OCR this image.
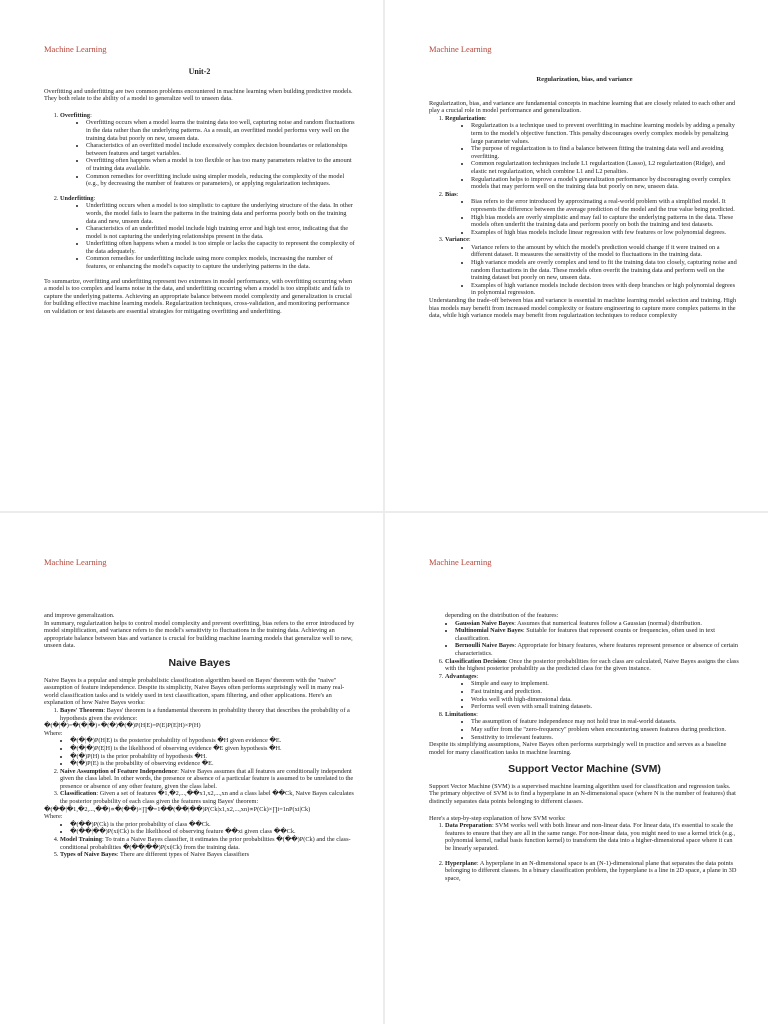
Machine Learning
Unit-2

Overfitting and underfitting are two common problems encountered in machine learning when building predictive models. They both relate to the ability of a model to generalize well to unseen data.

1. Overfitting:
• Overfitting occurs when a model learns the training data too well, capturing noise and random fluctuations in the data rather than the underlying patterns. As a result, an overfitted model performs very well on the training data but poorly on new, unseen data.
• Characteristics of an overfitted model include excessively complex decision boundaries or relationships between features and target variables.
• Overfitting often happens when a model is too flexible or has too many parameters relative to the amount of training data available.
• Common remedies for overfitting include using simpler models, reducing the complexity of the model (e.g., by decreasing the number of features or parameters), or applying regularization techniques.
2. Underfitting:
• Underfitting occurs when a model is too simplistic to capture the underlying structure of the data. In other words, the model fails to learn the patterns in the training data and performs poorly both on the training data and new, unseen data.
• Characteristics of an underfitted model include high training error and high test error, indicating that the model is not capturing the underlying relationships present in the data.
• Underfitting often happens when a model is too simple or lacks the capacity to represent the complexity of the data adequately.
• Common remedies for underfitting include using more complex models, increasing the number of features, or enhancing the model's capacity to capture the underlying patterns in the data.

To summarize, overfitting and underfitting represent two extremes in model performance, with overfitting occurring when a model is too complex and learns noise in the data, and underfitting occurring when a model is too simplistic and fails to capture the underlying patterns. Achieving an appropriate balance between model complexity and generalization is crucial for building effective machine learning models. Regularization techniques, cross-validation, and monitoring performance on validation or test datasets are essential strategies for mitigating overfitting and underfitting.

Machine Learning
Regularization, bias, and variance

Regularization, bias, and variance are fundamental concepts in machine learning that are closely related to each other and play a crucial role in model performance and generalization.

1. Regularization:
• Regularization is a technique used to prevent overfitting in machine learning models by adding a penalty term to the model's objective function. This penalty discourages overly complex models by penalizing large parameter values.
• The purpose of regularization is to find a balance between fitting the training data well and avoiding overfitting.
• Common regularization techniques include L1 regularization (Lasso), L2 regularization (Ridge), and elastic net regularization, which combine L1 and L2 penalties.
• Regularization helps to improve a model's generalization performance by discouraging overly complex models that may perform well on the training data but poorly on new, unseen data.
2. Bias:
• Bias refers to the error introduced by approximating a real-world problem with a simplified model. It represents the difference between the average prediction of the model and the true value being predicted.
• High bias models are overly simplistic and may fail to capture the underlying patterns in the data. These models often underfit the training data and perform poorly on both the training and test datasets.
• Examples of high bias models include linear regression with few features or low polynomial degrees.
3. Variance:
• Variance refers to the amount by which the model's prediction would change if it were trained on a different dataset. It measures the sensitivity of the model to fluctuations in the training data.
• High variance models are overly complex and tend to fit the training data too closely, capturing noise and random fluctuations in the data. These models often overfit the training data and perform well on the training dataset but poorly on new, unseen data.
• Examples of high variance models include decision trees with deep branches or high polynomial degrees in polynomial regression.

Understanding the trade-off between bias and variance is essential in machine learning model selection and training. High bias models may benefit from increased model complexity or feature engineering to capture more complex patterns in the data, while high variance models may benefit from regularization techniques to reduce complexity

Machine Learning

and improve generalization.

In summary, regularization helps to control model complexity and prevent overfitting, bias refers to the error introduced by model simplification, and variance refers to the model's sensitivity to fluctuations in the training data. Achieving an appropriate balance between bias and variance is crucial for building machine learning models that generalize well to new, unseen data.

Naive Bayes

Naive Bayes is a popular and simple probabilistic classification algorithm based on Bayes' theorem with the "naive" assumption of feature independence. Despite its simplicity, Naive Bayes often performs surprisingly well in many real-world classification tasks and is widely used in text classification, spam filtering, and other applications. Here's an explanation of how Naive Bayes works:

1. Bayes' Theorem: Bayes' theorem is a fundamental theorem in probability theory that describes the probability of a hypothesis given the evidence:

�(�|�)=�(�|�)×�(�)�(�)P(H|E)=P(E)P(E|H)×P(H)

Where:

• �(�|�)P(H|E) is the posterior probability of hypothesis �H given evidence �E.
• �(�|�)P(E|H) is the likelihood of observing evidence �E given hypothesis �H.
• �(�)P(H) is the prior probability of hypothesis �H.
• �(�)P(E) is the probability of observing evidence �E.
2. Naive Assumption of Feature Independence: Naive Bayes assumes that all features are conditionally independent given the class label. In other words, the presence or absence of a particular feature is assumed to be unrelated to the presence or absence of any other feature, given the class label.
3. Classification: Given a set of features �1,�2,...,��x1,x2,...,xn and a class label ��Ck, Naive Bayes calculates the posterior probability of each class given the features using Bayes' theorem:

�(��|�1,�2,...,��)∝�(��)×∏�=1��(��|��)P(Ck|x1,x2,...,xn)∝P(Ck)×∏i=1nP(xi|Ck)

Where:

• �(��)P(Ck) is the prior probability of class ��Ck.
• �(��|��)P(xi|Ck) is the likelihood of observing feature ��xi given class ��Ck.
4. Model Training: To train a Naive Bayes classifier, it estimates the prior probabilities �(��)P(Ck) and the class-conditional probabilities �(��|��)P(xi|Ck) from the training data.
5. Types of Naive Bayes: There are different types of Naive Bayes classifiers
Machine Learning

depending on the distribution of the features:

• Gaussian Naive Bayes: Assumes that numerical features follow a Gaussian (normal) distribution.
• Multinomial Naive Bayes: Suitable for features that represent counts or frequencies, often used in text classification.
• Bernoulli Naive Bayes: Appropriate for binary features, where features represent presence or absence of certain characteristics.
6. Classification Decision: Once the posterior probabilities for each class are calculated, Naive Bayes assigns the class with the highest posterior probability as the predicted class for the given instance.
7. Advantages:
• Simple and easy to implement.
• Fast training and prediction.
• Works well with high-dimensional data.
• Performs well even with small training datasets.
8. Limitations:
• The assumption of feature independence may not hold true in real-world datasets.
• May suffer from the "zero-frequency" problem when encountering unseen features during prediction.
• Sensitivity to irrelevant features.

Despite its simplifying assumptions, Naive Bayes often performs surprisingly well in practice and serves as a baseline model for many classification tasks in machine learning.

Support Vector Machine (SVM)

Support Vector Machine (SVM) is a supervised machine learning algorithm used for classification and regression tasks. The primary objective of SVM is to find a hyperplane in an N-dimensional space (where N is the number of features) that distinctly separates data points belonging to different classes.

Here's a step-by-step explanation of how SVM works:

1. Data Preparation: SVM works well with both linear and non-linear data. For linear data, it's essential to scale the features to ensure that they are all in the same range. For non-linear data, you might need to use a kernel trick (e.g., polynomial kernel, radial basis function kernel) to transform the data into a higher-dimensional space where it can be linearly separated.
2. Hyperplane: A hyperplane in an N-dimensional space is an (N-1)-dimensional plane that separates the data points belonging to different classes. In a binary classification problem, the hyperplane is a line in 2D space, a plane in 3D space,
